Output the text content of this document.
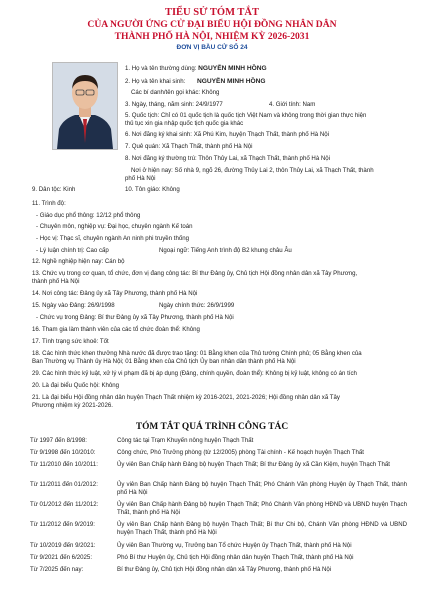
TIỂU SỬ TÓM TẮT
CỦA NGƯỜI ỨNG CỬ ĐẠI BIỂU HỘI ĐỒNG NHÂN DÂN
THÀNH PHỐ HÀ NỘI, NHIỆM KỲ 2026-2031
ĐƠN VỊ BẦU CỬ SỐ 24
1. Họ và tên thường dùng: NGUYỄN MINH HỒNG
2. Họ và tên khai sinh: NGUYỄN MINH HỒNG
Các bí danh/tên gọi khác: Không
3. Ngày, tháng, năm sinh: 24/9/1977	4. Giới tính: Nam
5. Quốc tịch: Chỉ có 01 quốc tịch là quốc tịch Việt Nam và không trong thời gian thực hiện
thủ tục xin gia nhập quốc tịch quốc gia khác
6. Nơi đăng ký khai sinh: Xã Phú Kim, huyện Thạch Thất, thành phố Hà Nội
7. Quê quán: Xã Thạch Thất, thành phố Hà Nội
8. Nơi đăng ký thường trú: Thôn Thủy Lai, xã Thạch Thất, thành phố Hà Nội
Nơi ở hiện nay: Số nhà 9, ngõ 26, đường Thủy Lai 2, thôn Thủy Lai, xã Thạch Thất, thành
phố Hà Nội
9. Dân tộc: Kinh	10. Tôn giáo: Không
11. Trình độ:
- Giáo dục phổ thông: 12/12 phổ thông
- Chuyên môn, nghiệp vụ: Đại học, chuyên ngành Kế toán
- Học vị: Thạc sĩ, chuyên ngành An ninh phi truyền thống
- Lý luận chính trị: Cao cấp	Ngoại ngữ: Tiếng Anh trình độ B2 khung châu Âu
12. Nghề nghiệp hiện nay: Cán bộ
13. Chức vụ trong cơ quan, tổ chức, đơn vị đang công tác: Bí thư Đảng ủy, Chủ tịch Hội đồng nhân dân xã Tây Phương,
thành phố Hà Nội
14. Nơi công tác: Đảng ủy xã Tây Phương, thành phố Hà Nội
15. Ngày vào Đảng: 26/9/1998	Ngày chính thức: 26/9/1999
- Chức vụ trong Đảng: Bí thư Đảng ủy xã Tây Phương, thành phố Hà Nội
16. Tham gia làm thành viên của các tổ chức đoàn thể: Không
17. Tình trạng sức khoẻ: Tốt
18. Các hình thức khen thưởng Nhà nước đã được trao tặng: 01 Bằng khen của Thủ tướng Chính phủ; 05 Bằng khen của
Ban Thường vụ Thành ủy Hà Nội; 01 Bằng khen của Chủ tịch Ủy ban nhân dân thành phố Hà Nội
29. Các hình thức kỷ luật, xử lý vi phạm đã bị áp dụng (Đảng, chính quyền, đoàn thể): Không bị kỷ luật, không có án tích
20. Là đại biểu Quốc hội: Không
21. Là đại biểu Hội đồng nhân dân huyện Thạch Thất nhiệm kỳ 2016-2021, 2021-2026; Hội đồng nhân dân xã Tây
Phương nhiệm kỳ 2021-2026.
TÓM TẮT QUÁ TRÌNH CÔNG TÁC
Từ 1997 đến 8/1998:	Công tác tại Trạm Khuyến nông huyện Thạch Thất
Từ 9/1998 đến 10/2010:	Công chức, Phó Trưởng phòng (từ 12/2005) phòng Tài chính - Kế hoạch huyện Thạch Thất
Từ 11/2010 đến 10/2011:	Ủy viên Ban Chấp hành Đảng bộ huyện Thạch Thất; Bí thư Đảng ủy xã Cần Kiệm, huyện Thạch Thất
Từ 11/2011 đến 01/2012:	Ủy viên Ban Chấp hành Đảng bộ huyện Thạch Thất; Phó Chánh Văn phòng Huyện ủy Thạch Thất, thành phố Hà Nội
Từ 01/2012 đến 11/2012:	Ủy viên Ban Chấp hành Đảng bộ huyện Thạch Thất; Phó Chánh Văn phòng HĐND và UBND huyện Thạch Thất, thành phố Hà Nội
Từ 11/2012 đến 9/2019:	Ủy viên Ban Chấp hành Đảng bộ huyện Thạch Thất; Bí thư Chi bộ, Chánh Văn phòng HĐND và UBND huyện Thạch Thất, thành phố Hà Nội
Từ 10/2019 đến 9/2021:	Ủy viên Ban Thường vụ, Trưởng ban Tổ chức Huyện ủy Thạch Thất, thành phố Hà Nội
Từ 9/2021 đến 6/2025:	Phó Bí thư Huyện ủy, Chủ tịch Hội đồng nhân dân huyện Thạch Thất, thành phố Hà Nội
Từ 7/2025 đến nay:	Bí thư Đảng ủy, Chủ tịch Hội đồng nhân dân xã Tây Phương, thành phố Hà Nội
